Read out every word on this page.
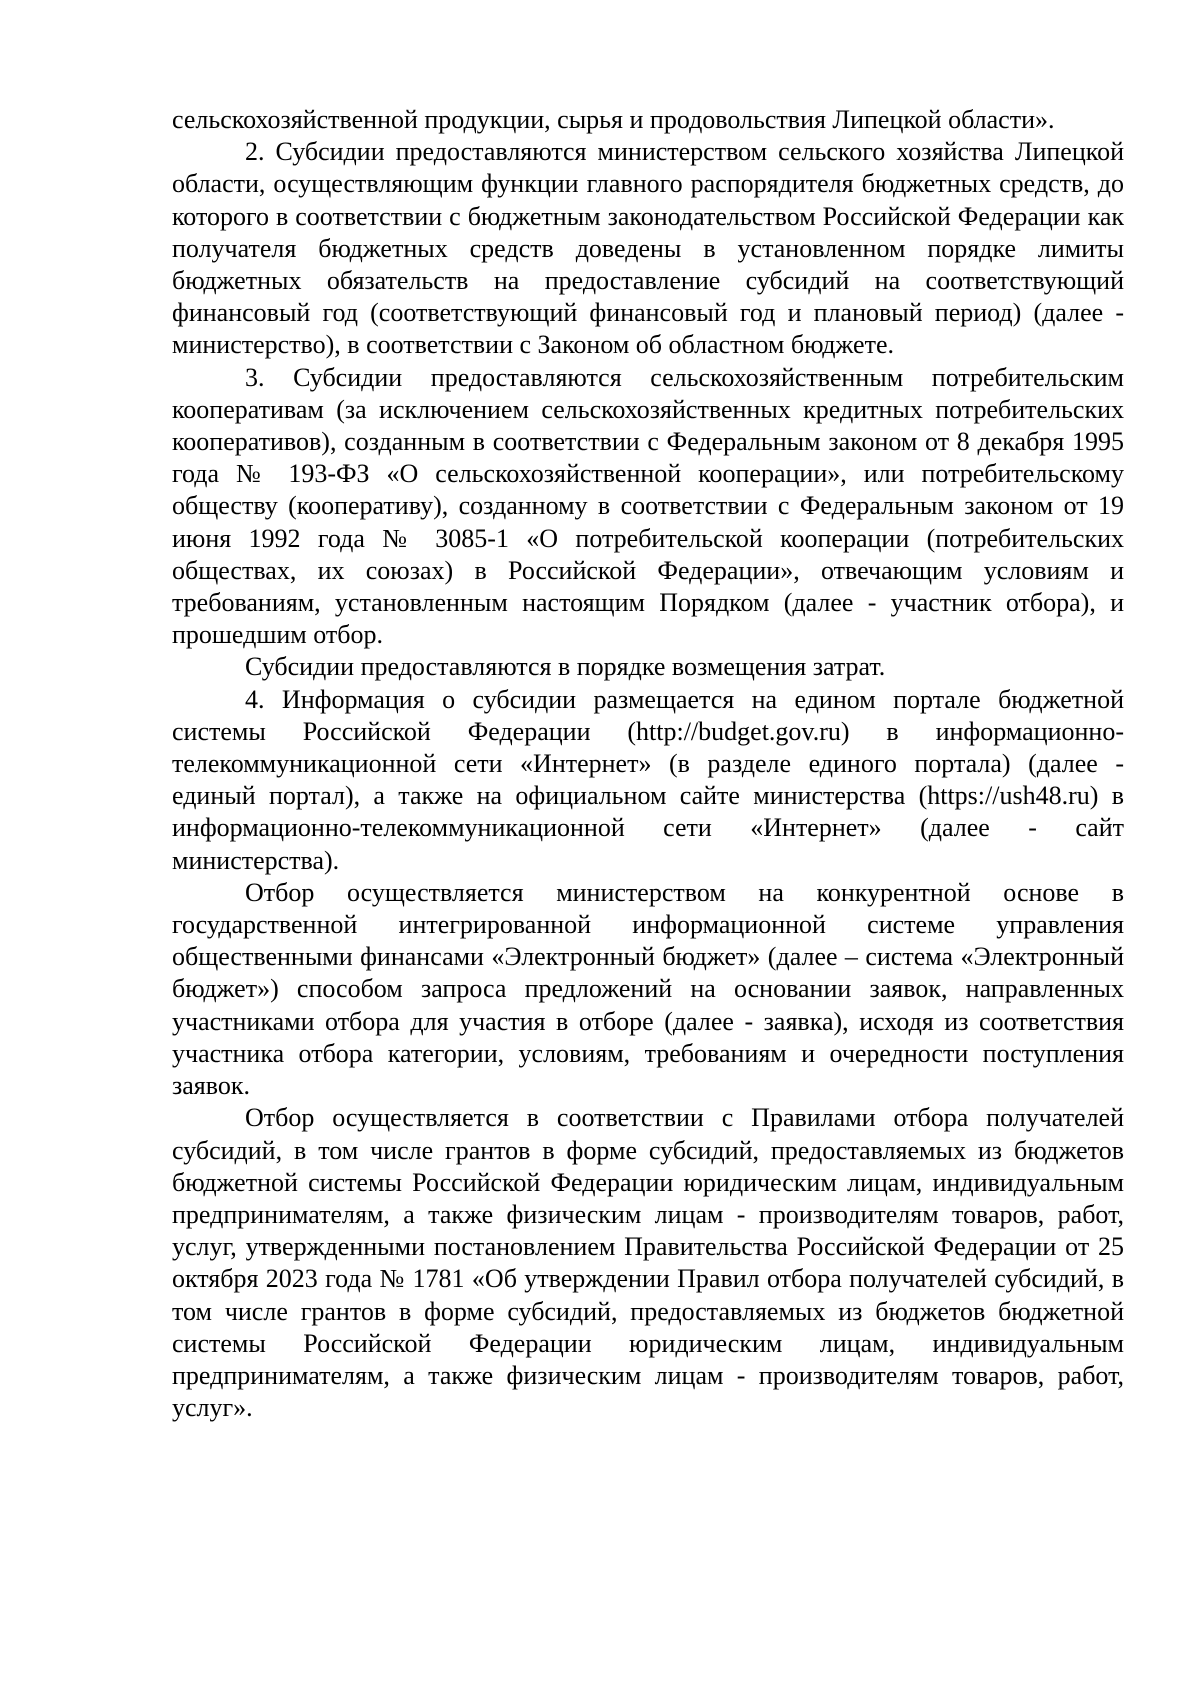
сельскохозяйственной продукции, сырья и продовольствия Липецкой области».

2. Субсидии предоставляются министерством сельского хозяйства Липецкой области, осуществляющим функции главного распорядителя бюджетных средств, до которого в соответствии с бюджетным законодательством Российской Федерации как получателя бюджетных средств доведены в установленном порядке лимиты бюджетных обязательств на предоставление субсидий на соответствующий финансовый год (соответствующий финансовый год и плановый период) (далее - министерство), в соответствии с Законом об областном бюджете.

3. Субсидии предоставляются сельскохозяйственным потребительским кооперативам (за исключением сельскохозяйственных кредитных потребительских кооперативов), созданным в соответствии с Федеральным законом от 8 декабря 1995 года № 193-ФЗ «О сельскохозяйственной кооперации», или потребительскому обществу (кооперативу), созданному в соответствии с Федеральным законом от 19 июня 1992 года № 3085-1 «О потребительской кооперации (потребительских обществах, их союзах) в Российской Федерации», отвечающим условиям и требованиям, установленным настоящим Порядком (далее - участник отбора), и прошедшим отбор.

Субсидии предоставляются в порядке возмещения затрат.

4. Информация о субсидии размещается на едином портале бюджетной системы Российской Федерации (http://budget.gov.ru) в информационно-телекоммуникационной сети «Интернет» (в разделе единого портала) (далее - единый портал), а также на официальном сайте министерства (https://ush48.ru) в информационно-телекоммуникационной сети «Интернет» (далее - сайт министерства).

Отбор осуществляется министерством на конкурентной основе в государственной интегрированной информационной системе управления общественными финансами «Электронный бюджет» (далее – система «Электронный бюджет») способом запроса предложений на основании заявок, направленных участниками отбора для участия в отборе (далее - заявка), исходя из соответствия участника отбора категории, условиям, требованиям и очередности поступления заявок.

Отбор осуществляется в соответствии с Правилами отбора получателей субсидий, в том числе грантов в форме субсидий, предоставляемых из бюджетов бюджетной системы Российской Федерации юридическим лицам, индивидуальным предпринимателям, а также физическим лицам - производителям товаров, работ, услуг, утвержденными постановлением Правительства Российской Федерации от 25 октября 2023 года № 1781 «Об утверждении Правил отбора получателей субсидий, в том числе грантов в форме субсидий, предоставляемых из бюджетов бюджетной системы Российской Федерации юридическим лицам, индивидуальным предпринимателям, а также физическим лицам - производителям товаров, работ, услуг».
